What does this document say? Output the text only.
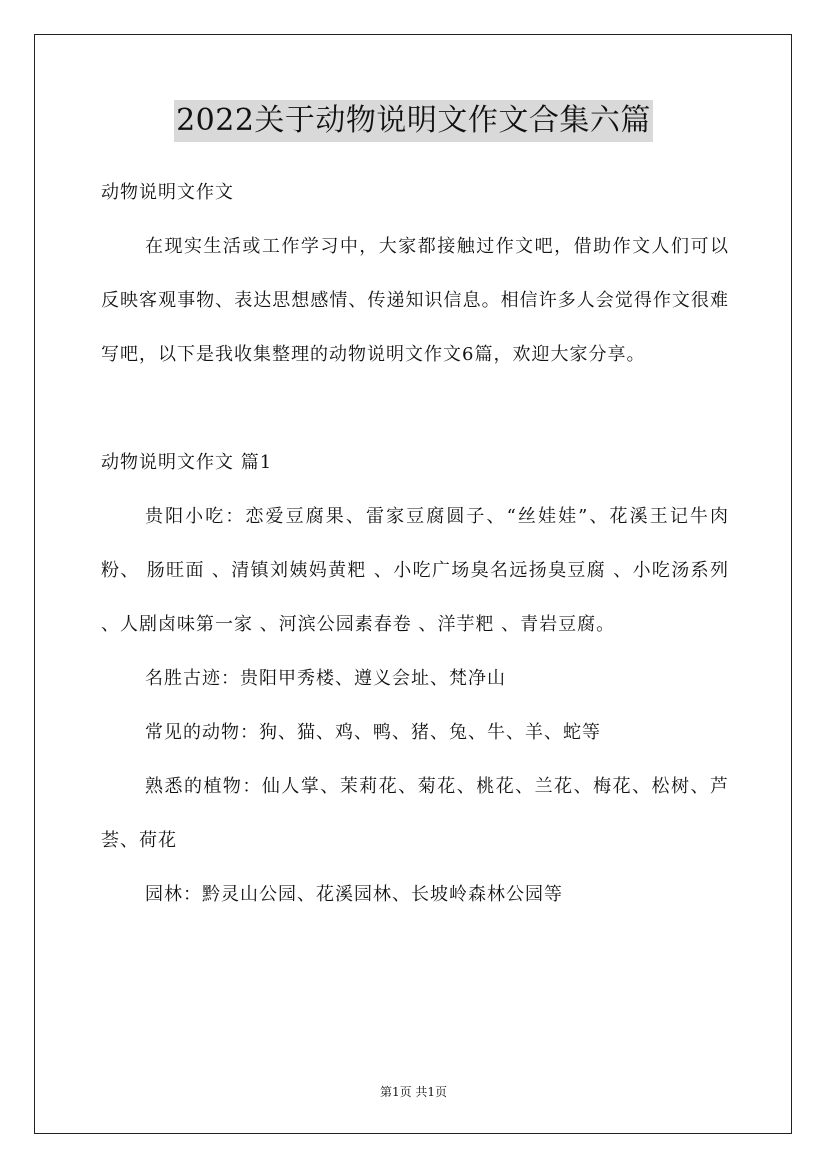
2022关于动物说明文作文合集六篇

动物说明文作文

在现实生活或工作学习中，大家都接触过作文吧，借助作文人们可以反映客观事物、表达思想感情、传递知识信息。相信许多人会觉得作文很难写吧，以下是我收集整理的动物说明文作文6篇，欢迎大家分享。

动物说明文作文 篇1

贵阳小吃：恋爱豆腐果、雷家豆腐圆子、“丝娃娃”、花溪王记牛肉粉、 肠旺面 、清镇刘姨妈黄粑 、小吃广场臭名远扬臭豆腐 、小吃汤系列 、人剧卤味第一家 、河滨公园素春卷 、洋芋粑 、青岩豆腐。

名胜古迹：贵阳甲秀楼、遵义会址、梵净山

常见的动物：狗、猫、鸡、鸭、猪、兔、牛、羊、蛇等

熟悉的植物：仙人掌、茉莉花、菊花、桃花、兰花、梅花、松树、芦荟、荷花

园林：黔灵山公园、花溪园林、长坡岭森林公园等

第1页 共1页
